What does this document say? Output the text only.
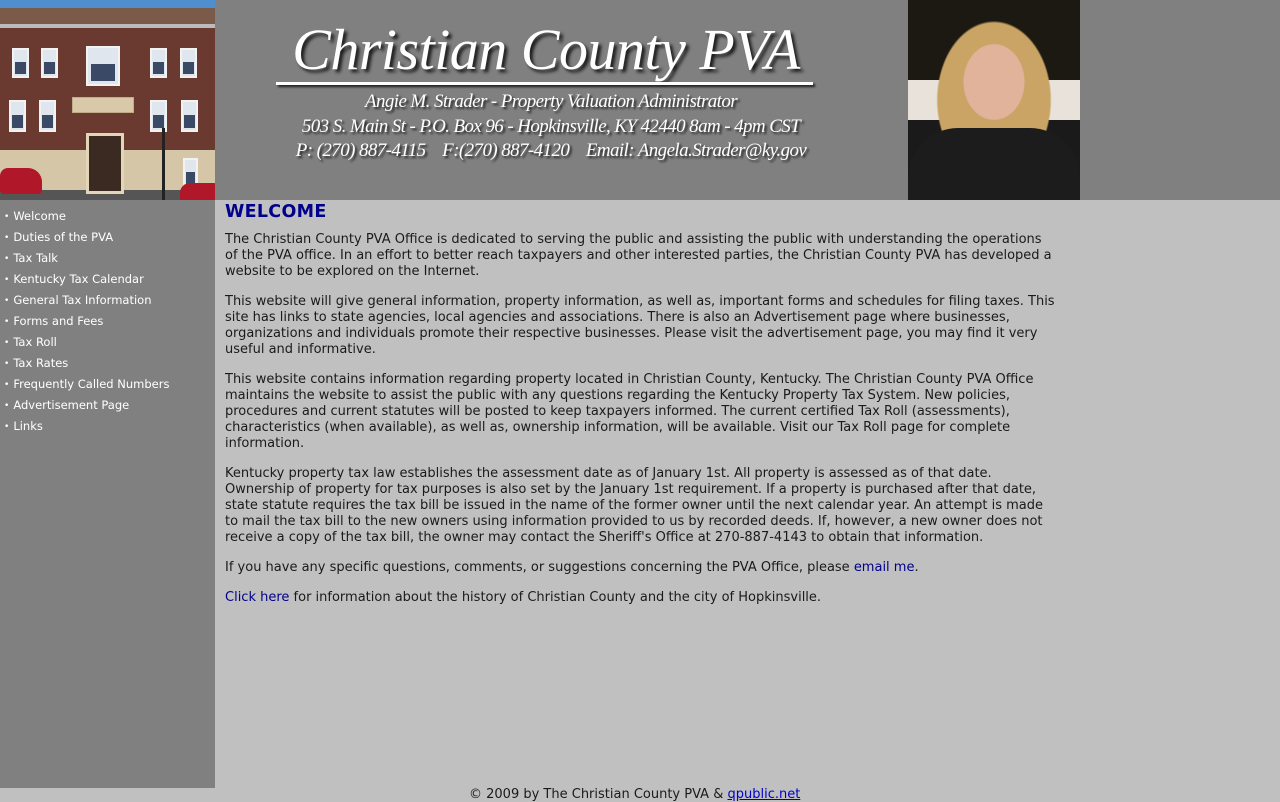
Christian County PVA
Angie M. Strader - Property Valuation Administrator
503 S. Main St - P.O. Box 96 - Hopkinsville, KY 42440 8am - 4pm CST
P: (270) 887-4115    F:(270) 887-4120    Email: Angela.Strader@ky.gov
• Welcome
• Duties of the PVA
• Tax Talk
• Kentucky Tax Calendar
• General Tax Information
• Forms and Fees
• Tax Roll
• Tax Rates
• Frequently Called Numbers
• Advertisement Page
• Links
WELCOME

The Christian County PVA Office is dedicated to serving the public and assisting the public with understanding the operations of the PVA office. In an effort to better reach taxpayers and other interested parties, the Christian County PVA has developed a website to be explored on the Internet.

This website will give general information, property information, as well as, important forms and schedules for filing taxes. This site has links to state agencies, local agencies and associations. There is also an Advertisement page where businesses, organizations and individuals promote their respective businesses. Please visit the advertisement page, you may find it very useful and informative.

This website contains information regarding property located in Christian County, Kentucky. The Christian County PVA Office maintains the website to assist the public with any questions regarding the Kentucky Property Tax System. New policies, procedures and current statutes will be posted to keep taxpayers informed. The current certified Tax Roll (assessments), characteristics (when available), as well as, ownership information, will be available. Visit our Tax Roll page for complete information.

Kentucky property tax law establishes the assessment date as of January 1st. All property is assessed as of that date. Ownership of property for tax purposes is also set by the January 1st requirement. If a property is purchased after that date, state statute requires the tax bill be issued in the name of the former owner until the next calendar year. An attempt is made to mail the tax bill to the new owners using information provided to us by recorded deeds. If, however, a new owner does not receive a copy of the tax bill, the owner may contact the Sheriff's Office at 270-887-4143 to obtain that information.

If you have any specific questions, comments, or suggestions concerning the PVA Office, please email me.

Click here for information about the history of Christian County and the city of Hopkinsville.

© 2009 by The Christian County PVA & qpublic.net
